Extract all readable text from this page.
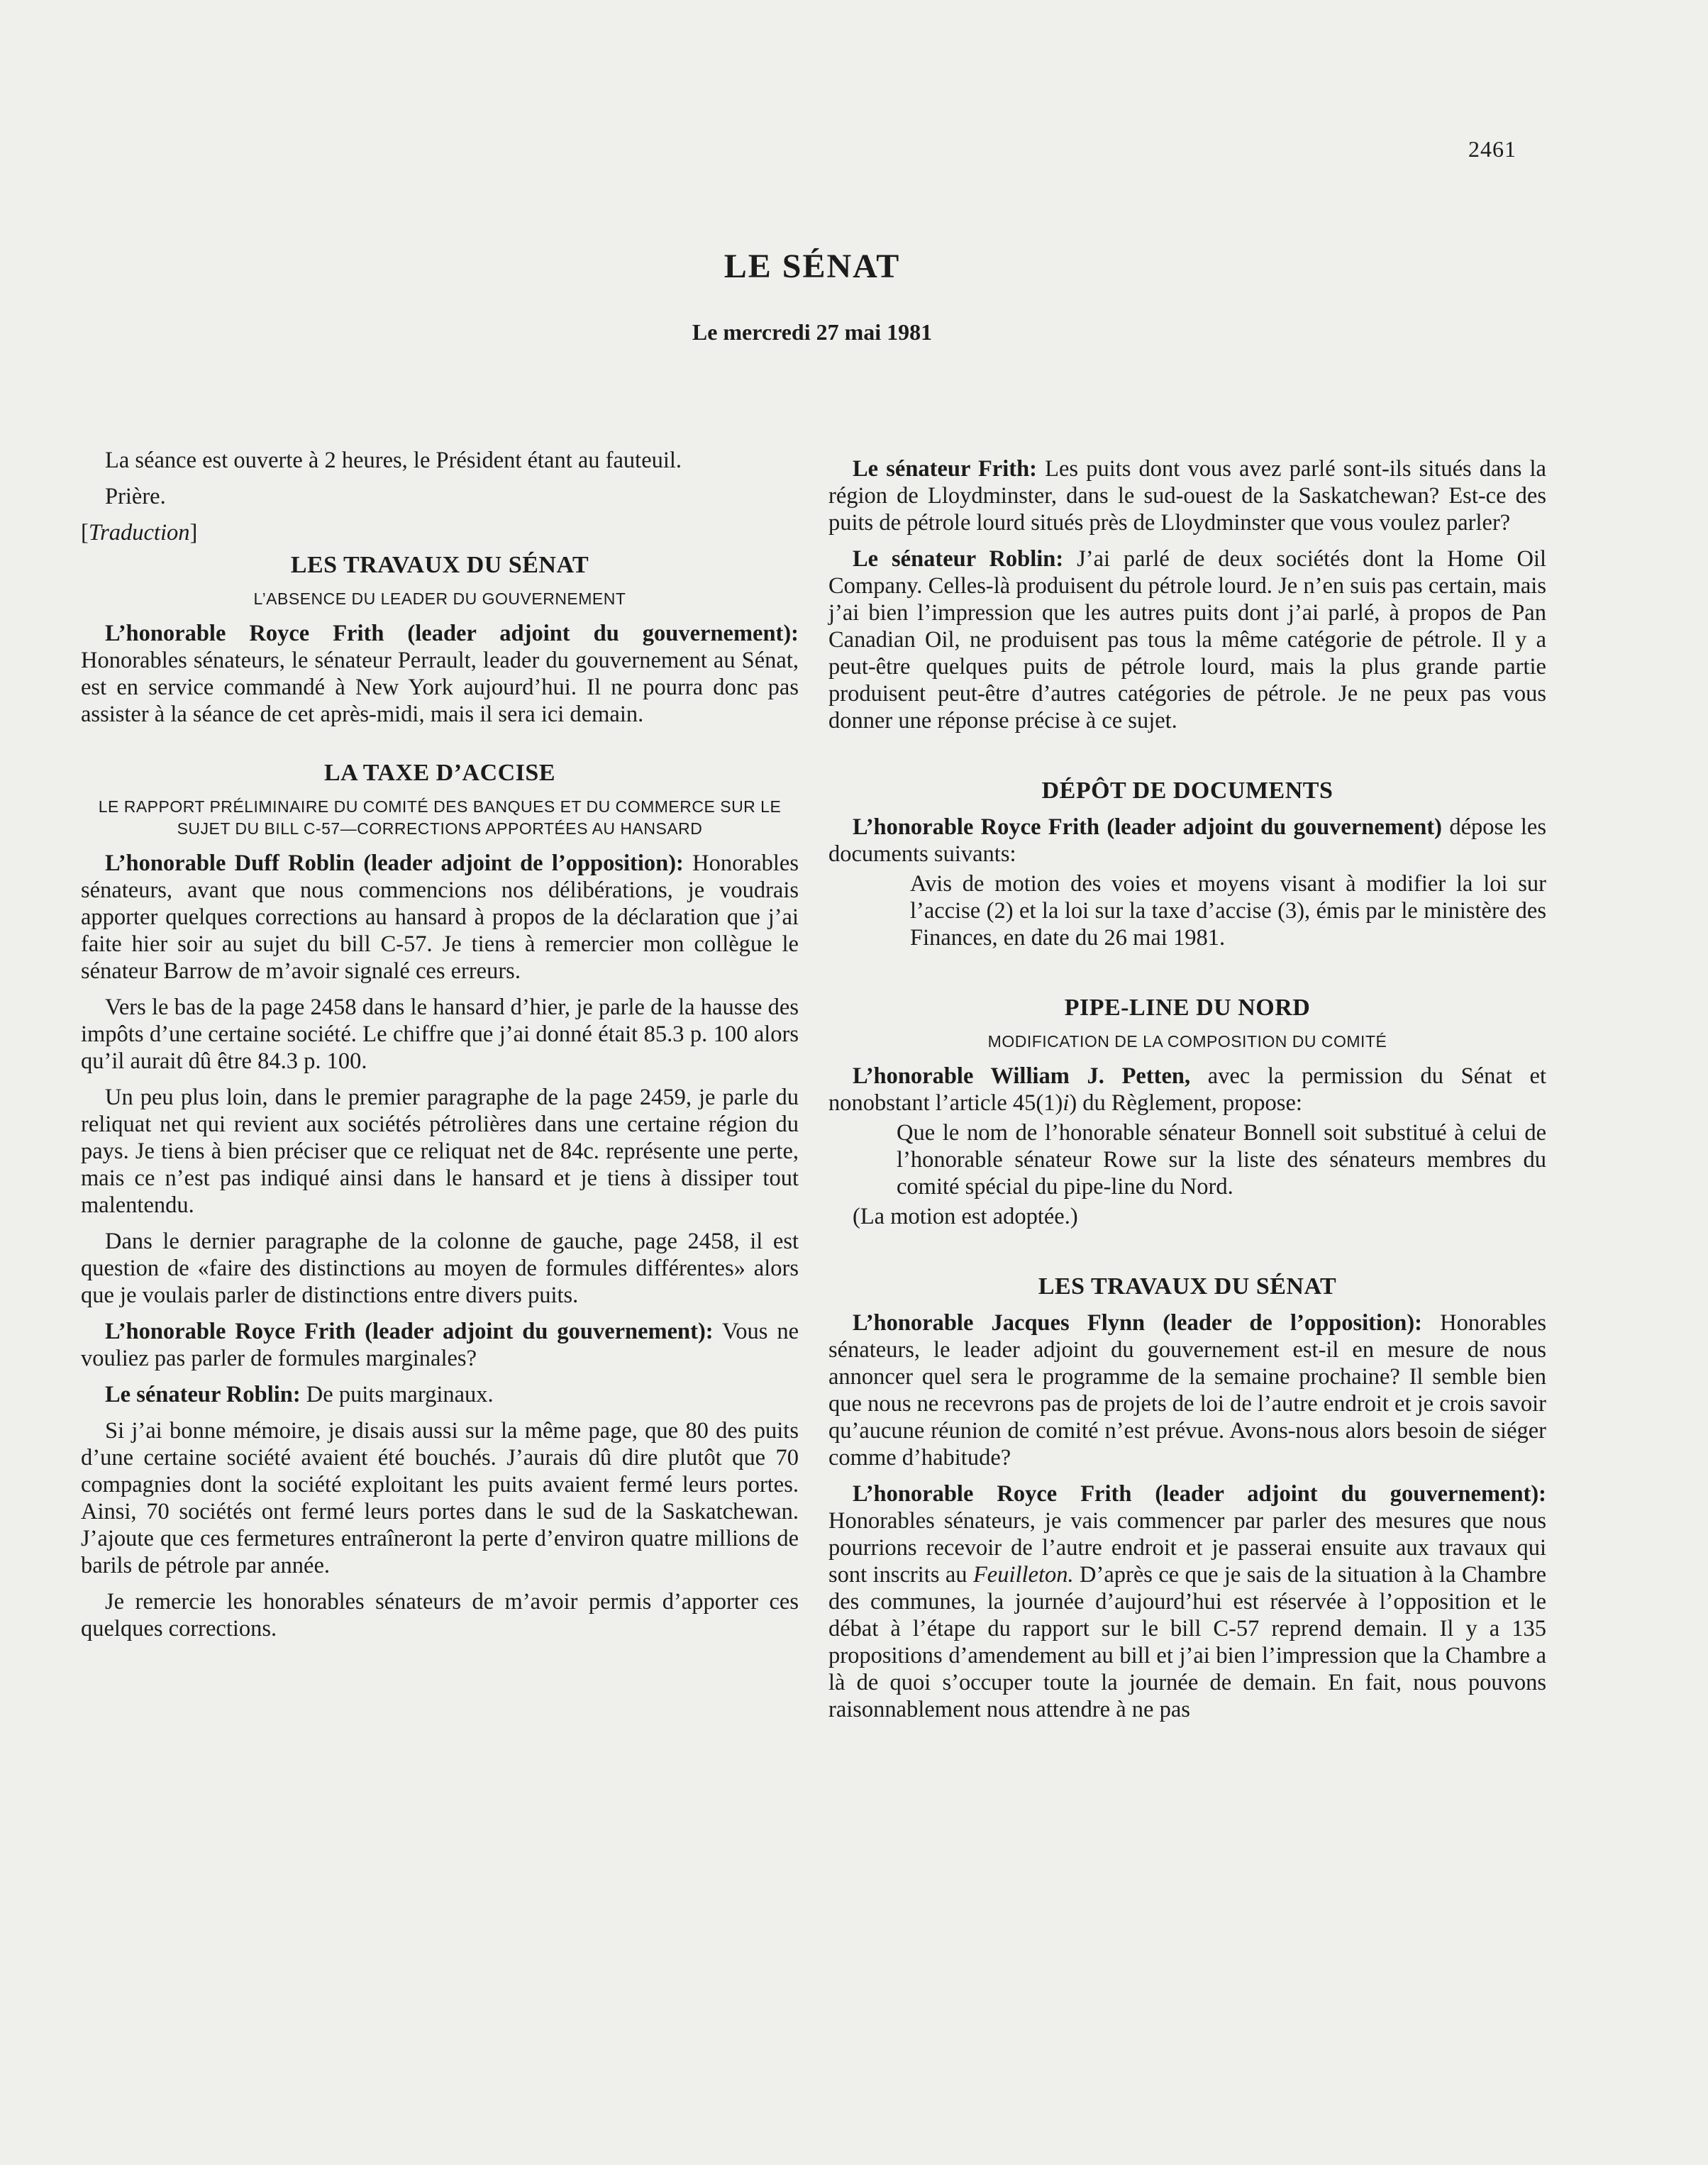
2461
LE SÉNAT
Le mercredi 27 mai 1981

La séance est ouverte à 2 heures, le Président étant au fauteuil.

Prière.

[Traduction]

LES TRAVAUX DU SÉNAT
L’ABSENCE DU LEADER DU GOUVERNEMENT

L’honorable Royce Frith (leader adjoint du gouvernement): Honorables sénateurs, le sénateur Perrault, leader du gouvernement au Sénat, est en service commandé à New York aujourd’hui. Il ne pourra donc pas assister à la séance de cet après-midi, mais il sera ici demain.

LA TAXE D’ACCISE
LE RAPPORT PRÉLIMINAIRE DU COMITÉ DES BANQUES ET DU COMMERCE SUR LE SUJET DU BILL C-57—CORRECTIONS APPORTÉES AU HANSARD

L’honorable Duff Roblin (leader adjoint de l’opposition): Honorables sénateurs, avant que nous commencions nos délibérations, je voudrais apporter quelques corrections au hansard à propos de la déclaration que j’ai faite hier soir au sujet du bill C-57. Je tiens à remercier mon collègue le sénateur Barrow de m’avoir signalé ces erreurs.

Vers le bas de la page 2458 dans le hansard d’hier, je parle de la hausse des impôts d’une certaine société. Le chiffre que j’ai donné était 85.3 p. 100 alors qu’il aurait dû être 84.3 p. 100.

Un peu plus loin, dans le premier paragraphe de la page 2459, je parle du reliquat net qui revient aux sociétés pétrolières dans une certaine région du pays. Je tiens à bien préciser que ce reliquat net de 84c. représente une perte, mais ce n’est pas indiqué ainsi dans le hansard et je tiens à dissiper tout malentendu.

Dans le dernier paragraphe de la colonne de gauche, page 2458, il est question de «faire des distinctions au moyen de formules différentes» alors que je voulais parler de distinctions entre divers puits.

L’honorable Royce Frith (leader adjoint du gouvernement): Vous ne vouliez pas parler de formules marginales?

Le sénateur Roblin: De puits marginaux.

Si j’ai bonne mémoire, je disais aussi sur la même page, que 80 des puits d’une certaine société avaient été bouchés. J’aurais dû dire plutôt que 70 compagnies dont la société exploitant les puits avaient fermé leurs portes. Ainsi, 70 sociétés ont fermé leurs portes dans le sud de la Saskatchewan. J’ajoute que ces fermetures entraîneront la perte d’environ quatre millions de barils de pétrole par année.

Je remercie les honorables sénateurs de m’avoir permis d’apporter ces quelques corrections.

Le sénateur Frith: Les puits dont vous avez parlé sont-ils situés dans la région de Lloydminster, dans le sud-ouest de la Saskatchewan? Est-ce des puits de pétrole lourd situés près de Lloydminster que vous voulez parler?

Le sénateur Roblin: J’ai parlé de deux sociétés dont la Home Oil Company. Celles-là produisent du pétrole lourd. Je n’en suis pas certain, mais j’ai bien l’impression que les autres puits dont j’ai parlé, à propos de Pan Canadian Oil, ne produisent pas tous la même catégorie de pétrole. Il y a peut-être quelques puits de pétrole lourd, mais la plus grande partie produisent peut-être d’autres catégories de pétrole. Je ne peux pas vous donner une réponse précise à ce sujet.

DÉPÔT DE DOCUMENTS

L’honorable Royce Frith (leader adjoint du gouvernement) dépose les documents suivants:

Avis de motion des voies et moyens visant à modifier la loi sur l’accise (2) et la loi sur la taxe d’accise (3), émis par le ministère des Finances, en date du 26 mai 1981.

PIPE-LINE DU NORD
MODIFICATION DE LA COMPOSITION DU COMITÉ

L’honorable William J. Petten, avec la permission du Sénat et nonobstant l’article 45(1)i) du Règlement, propose:

Que le nom de l’honorable sénateur Bonnell soit substitué à celui de l’honorable sénateur Rowe sur la liste des sénateurs membres du comité spécial du pipe-line du Nord.

(La motion est adoptée.)

LES TRAVAUX DU SÉNAT

L’honorable Jacques Flynn (leader de l’opposition): Honorables sénateurs, le leader adjoint du gouvernement est-il en mesure de nous annoncer quel sera le programme de la semaine prochaine? Il semble bien que nous ne recevrons pas de projets de loi de l’autre endroit et je crois savoir qu’aucune réunion de comité n’est prévue. Avons-nous alors besoin de siéger comme d’habitude?

L’honorable Royce Frith (leader adjoint du gouvernement): Honorables sénateurs, je vais commencer par parler des mesures que nous pourrions recevoir de l’autre endroit et je passerai ensuite aux travaux qui sont inscrits au Feuilleton. D’après ce que je sais de la situation à la Chambre des communes, la journée d’aujourd’hui est réservée à l’opposition et le débat à l’étape du rapport sur le bill C-57 reprend demain. Il y a 135 propositions d’amendement au bill et j’ai bien l’impression que la Chambre a là de quoi s’occuper toute la journée de demain. En fait, nous pouvons raisonnablement nous attendre à ne pas
